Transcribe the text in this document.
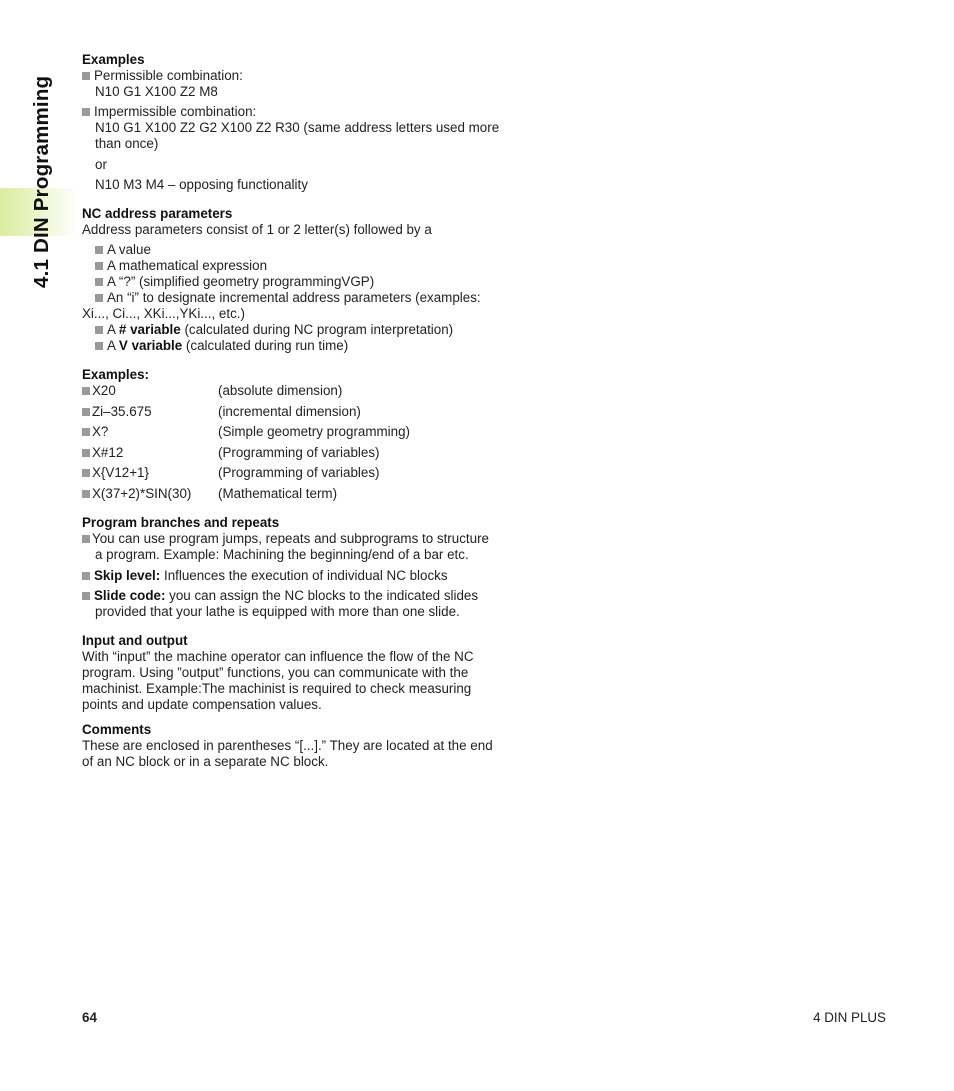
4.1 DIN Programming
Examples
Permissible combination:
N10 G1 X100 Z2 M8
Impermissible combination:
N10 G1 X100 Z2 G2 X100 Z2 R30 (same address letters used more
than once)
or
N10 M3 M4 – opposing functionality
NC address parameters
Address parameters consist of 1 or 2 letter(s) followed by a
A value
A mathematical expression
A “?” (simplified geometry programmingVGP)
An “i” to designate incremental address parameters (examples:
Xi..., Ci..., XKi...,YKi..., etc.)
A # variable (calculated during NC program interpretation)
A V variable (calculated during run time)
Examples:
X20	(absolute dimension)
Zi–35.675	(incremental dimension)
X?	(Simple geometry programming)
X#12	(Programming of variables)
X{V12+1}	(Programming of variables)
X(37+2)*SIN(30)	(Mathematical term)
Program branches and repeats
You can use program jumps, repeats and subprograms to structure
a program. Example: Machining the beginning/end of a bar etc.
Skip level: Influences the execution of individual NC blocks
Slide code: you can assign the NC blocks to the indicated slides
provided that your lathe is equipped with more than one slide.
Input and output
With “input” the machine operator can influence the flow of the NC
program. Using ”output” functions, you can communicate with the
machinist. Example:The machinist is required to check measuring
points and update compensation values.
Comments
These are enclosed in parentheses “[...].” They are located at the end
of an NC block or in a separate NC block.
64	4 DIN PLUS
